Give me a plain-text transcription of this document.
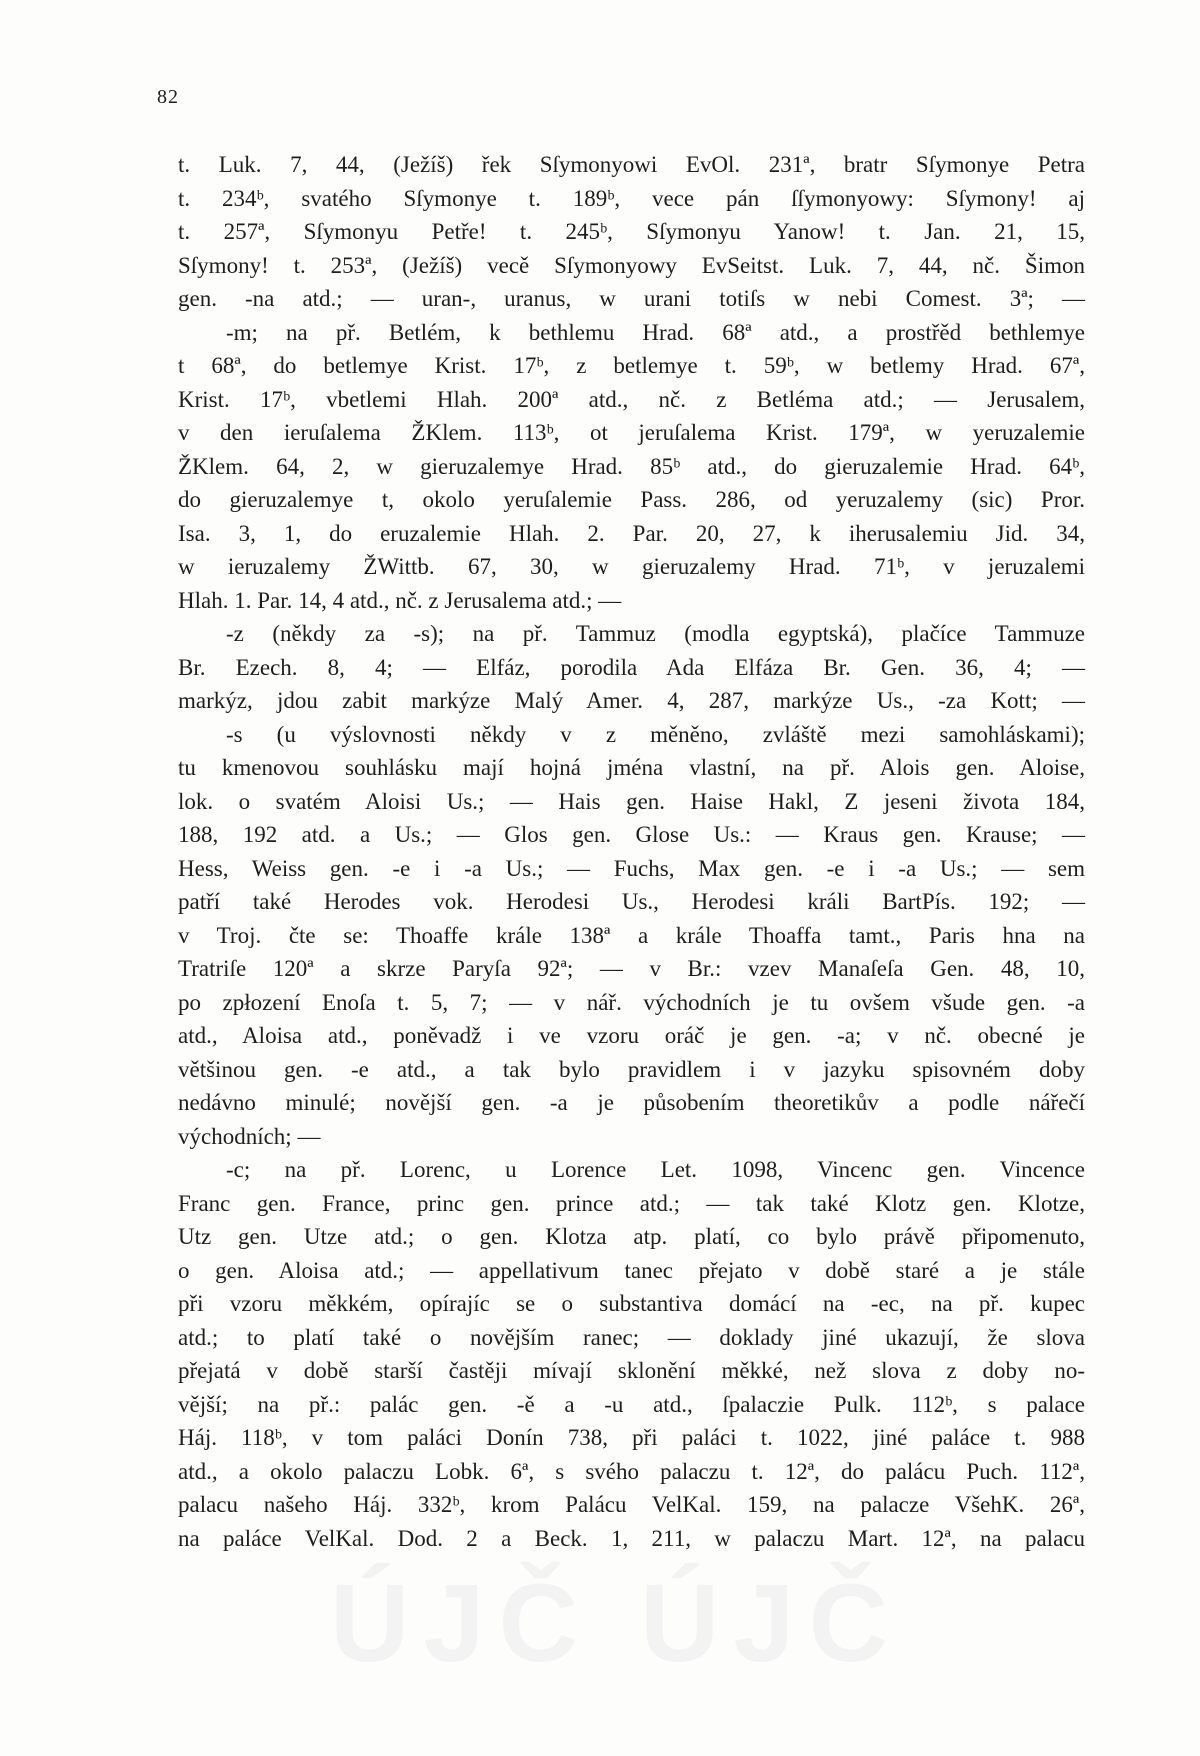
82
t. Luk. 7, 44, (Ježíš) řek Sſymonyowi EvOl. 231ª, bratr Sſymonye Petra
t. 234ᵇ, svatého Sſymonye t. 189ᵇ, vece pán ſſymonyowy: Sſymony! aj
t. 257ª, Sſymonyu Petře! t. 245ᵇ, Sſymonyu Yanow! t. Jan. 21, 15,
Sſymony! t. 253ª, (Ježíš) vecě Sſymonyowy EvSeitst. Luk. 7, 44, nč. Šimon
gen. -na atd.; — uran-, uranus, w urani totiſs w nebi Comest. 3ª; —
-m; na př. Betlém, k bethlemu Hrad. 68ª atd., a prostřěd bethlemye
t 68ª, do betlemye Krist. 17ᵇ, z betlemye t. 59ᵇ, w betlemy Hrad. 67ª,
Krist. 17ᵇ, vbetlemi Hlah. 200ª atd., nč. z Betléma atd.; — Jerusalem,
v den ieruſalema ŽKlem. 113ᵇ, ot jeruſalema Krist. 179ª, w yeruzalemie
ŽKlem. 64, 2, w gieruzalemye Hrad. 85ᵇ atd., do gieruzalemie Hrad. 64ᵇ,
do gieruzalemye t, okolo yeruſalemie Pass. 286, od yeruzalemy (sic) Pror.
Isa. 3, 1, do eruzalemie Hlah. 2. Par. 20, 27, k iherusalemiu Jid. 34,
w ieruzalemy ŽWittb. 67, 30, w gieruzalemy Hrad. 71ᵇ, v jeruzalemi
Hlah. 1. Par. 14, 4 atd., nč. z Jerusalema atd.; —
-z (někdy za -s); na př. Tammuz (modla egyptská), plačíce Tammuze
Br. Ezech. 8, 4; — Elfáz, porodila Ada Elfáza Br. Gen. 36, 4; —
markýz, jdou zabit markýze Malý Amer. 4, 287, markýze Us., -za Kott; —
-s (u výslovnosti někdy v z měněno, zvláště mezi samohláskami);
tu kmenovou souhlásku mají hojná jména vlastní, na př. Alois gen. Aloise,
lok. o svatém Aloisi Us.; — Hais gen. Haise Hakl, Z jeseni života 184,
188, 192 atd. a Us.; — Glos gen. Glose Us.: — Kraus gen. Krause; —
Hess, Weiss gen. -e i -a Us.; — Fuchs, Max gen. -e i -a Us.; — sem
patří také Herodes vok. Herodesi Us., Herodesi králi BartPís. 192; —
v Troj. čte se: Thoaffe krále 138ª a krále Thoaffa tamt., Paris hna na
Tratriſe 120ª a skrze Paryſa 92ª; — v Br.: vzev Manaſeſa Gen. 48, 10,
po zpłození Enoſa t. 5, 7; — v nář. východních je tu ovšem všude gen. -a
atd., Aloisa atd., poněvadž i ve vzoru oráč je gen. -a; v nč. obecné je
většinou gen. -e atd., a tak bylo pravidlem i v jazyku spisovném doby
nedávno minulé; novější gen. -a je působením theoretikův a podle nářečí
východních; —
-c; na př. Lorenc, u Lorence Let. 1098, Vincenc gen. Vincence
Franc gen. France, princ gen. prince atd.; — tak také Klotz gen. Klotze,
Utz gen. Utze atd.; o gen. Klotza atp. platí, co bylo právě připomenuto,
o gen. Aloisa atd.; — appellativum tanec přejato v době staré a je stále
při vzoru měkkém, opírajíc se o substantiva domácí na -ec, na př. kupec
atd.; to platí také o novějším ranec; — doklady jiné ukazují, že slova
přejatá v době starší častěji mívají sklonění měkké, než slova z doby no-
vější; na př.: palác gen. -ě a -u atd., ſpalaczie Pulk. 112ᵇ, s palace
Háj. 118ᵇ, v tom paláci Donín 738, při paláci t. 1022, jiné paláce t. 988
atd., a okolo palaczu Lobk. 6ª, s svého palaczu t. 12ª, do palácu Puch. 112ª,
palacu našeho Háj. 332ᵇ, krom Palácu VelKal. 159, na palacze VšehK. 26ª,
na paláce VelKal. Dod. 2 a Beck. 1, 211, w palaczu Mart. 12ª, na palacu
ÚJČ ÚJČ
